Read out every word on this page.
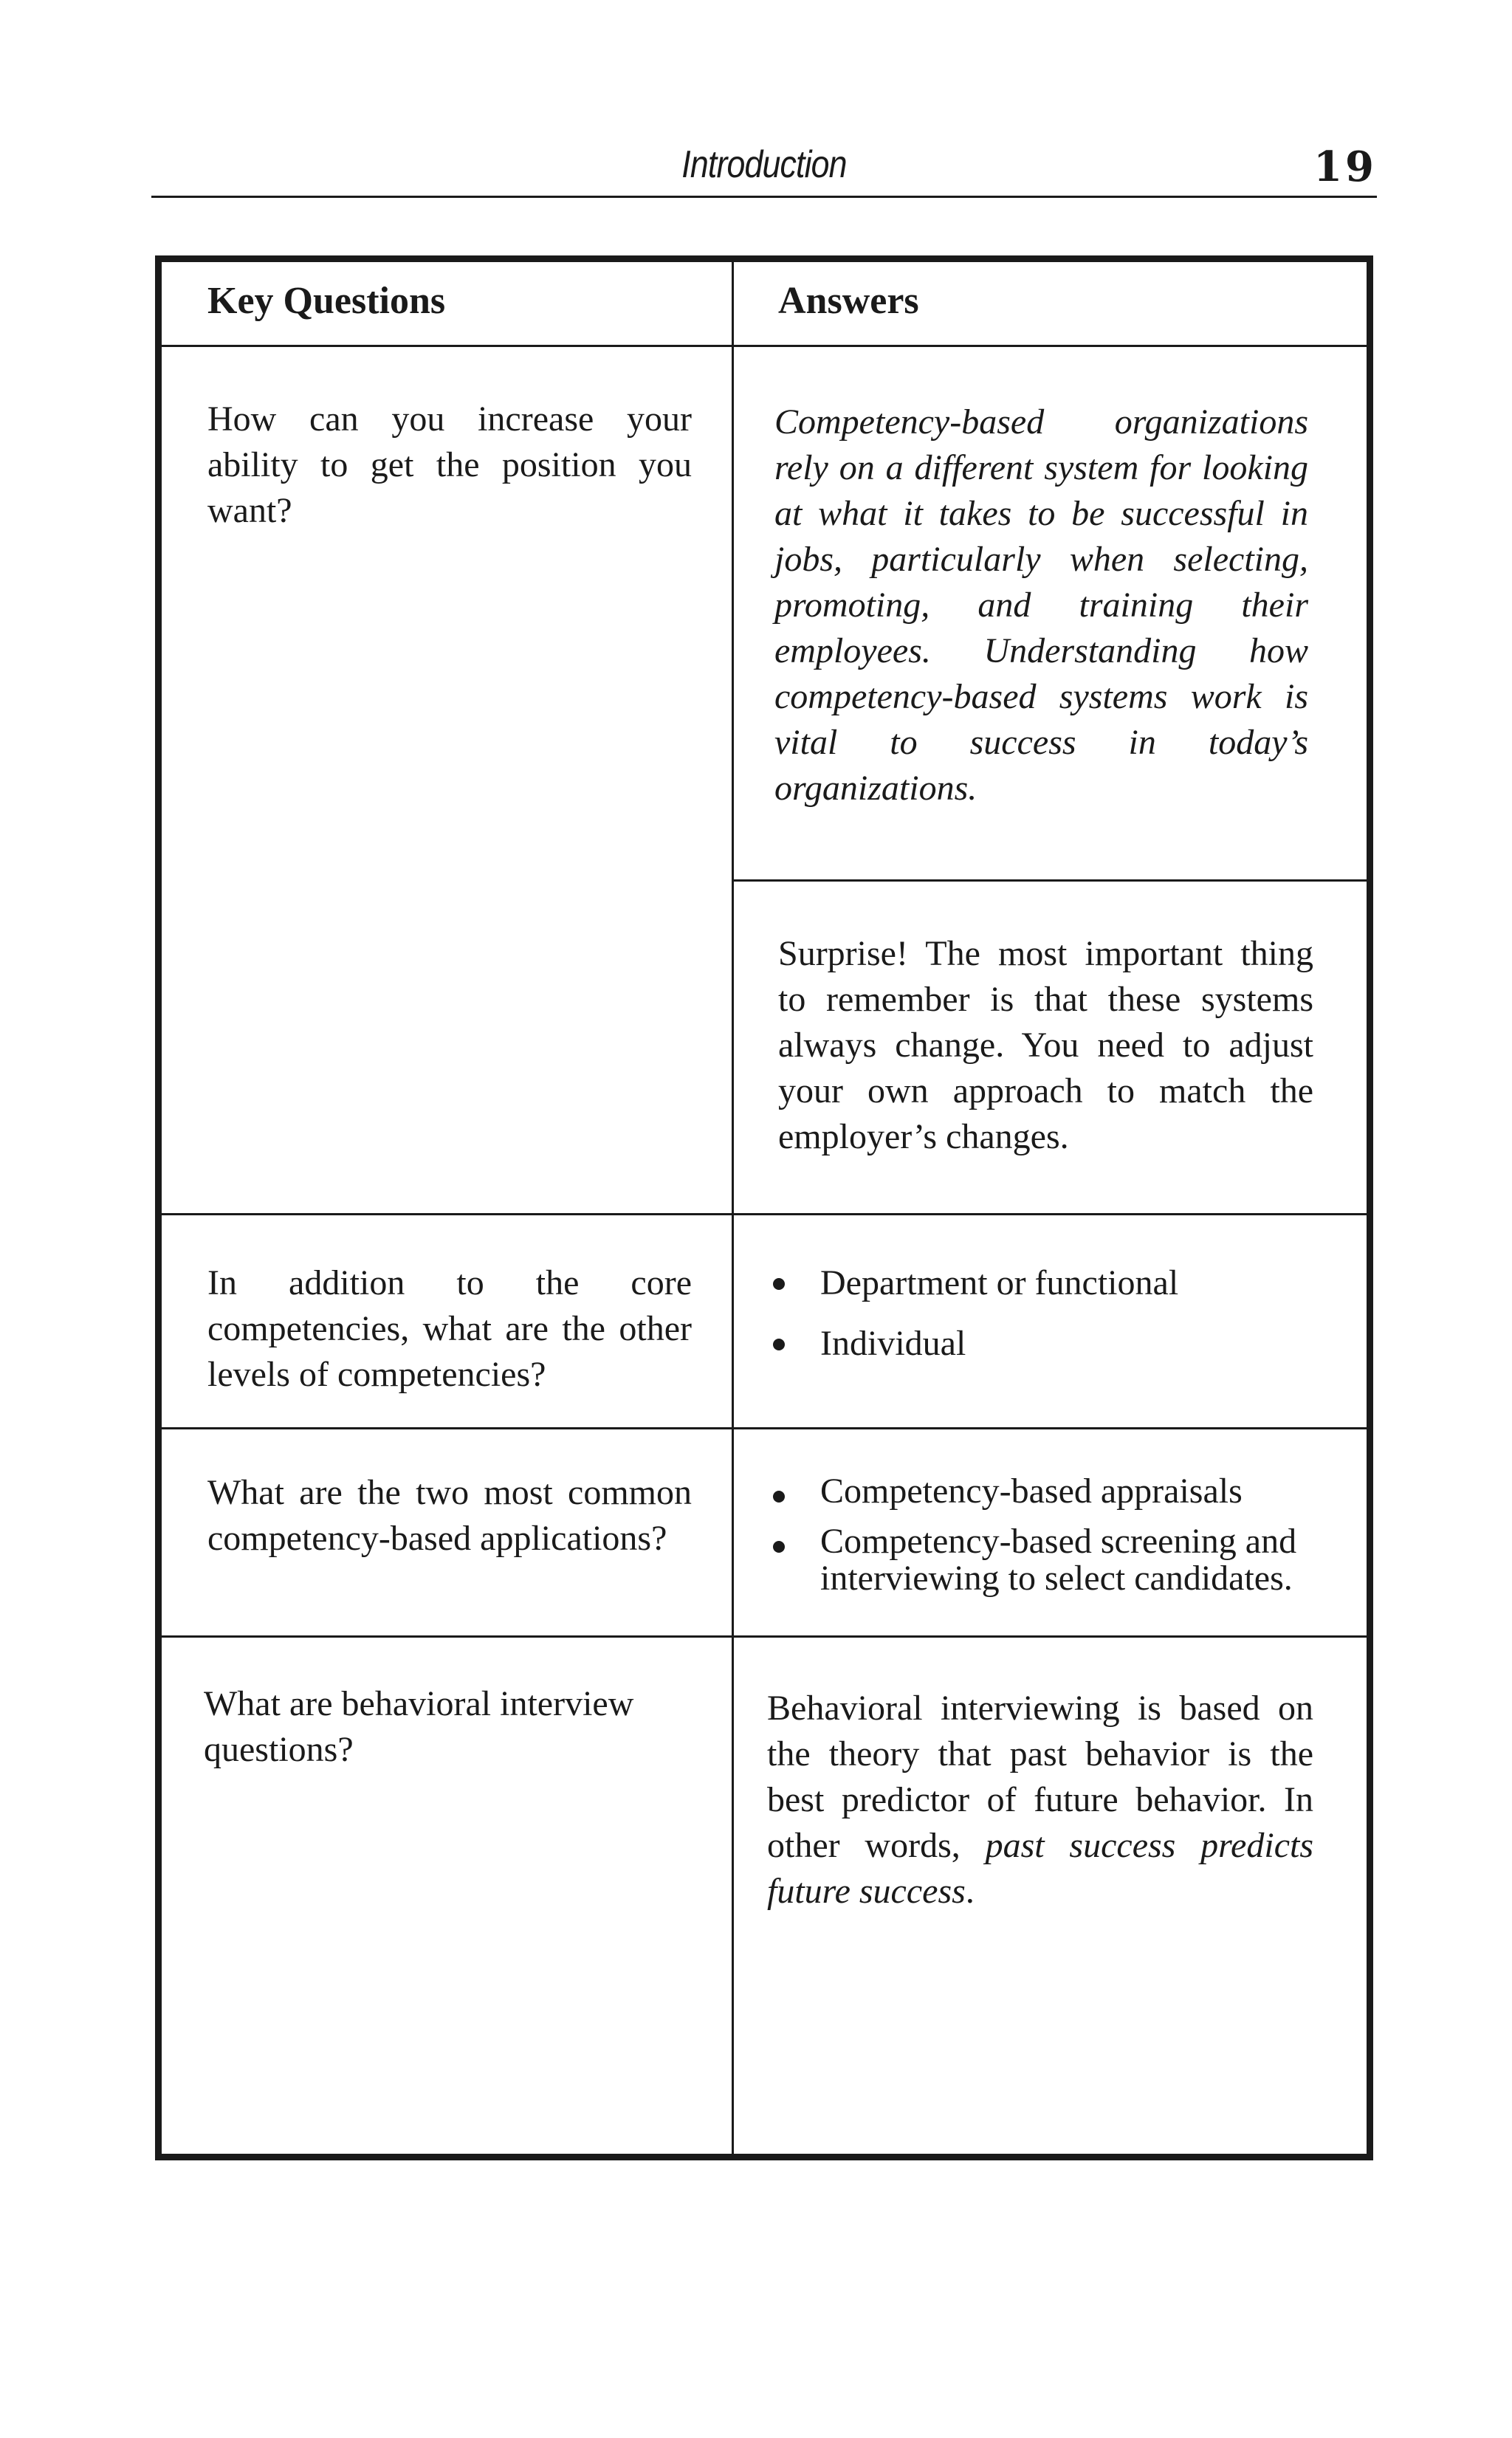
Introduction	19
Key Questions	Answers
How can you increase your ability to get the position you want?
Competency-based organizations rely on a different system for looking at what it takes to be successful in jobs, particularly when selecting, promoting, and training their employees. Understanding how competency-based systems work is vital to success in today’s organizations.
Surprise! The most important thing to remember is that these systems always change. You need to adjust your own approach to match the employer’s changes.
In addition to the core competencies, what are the other levels of competencies?
Department or functional
Individual
What are the two most common competency-based applications?
Competency-based appraisals
Competency-based screening and interviewing to select candidates.
What are behavioral interview questions?
Behavioral interviewing is based on the theory that past behavior is the best predictor of future behavior. In other words, past success predicts future success.
